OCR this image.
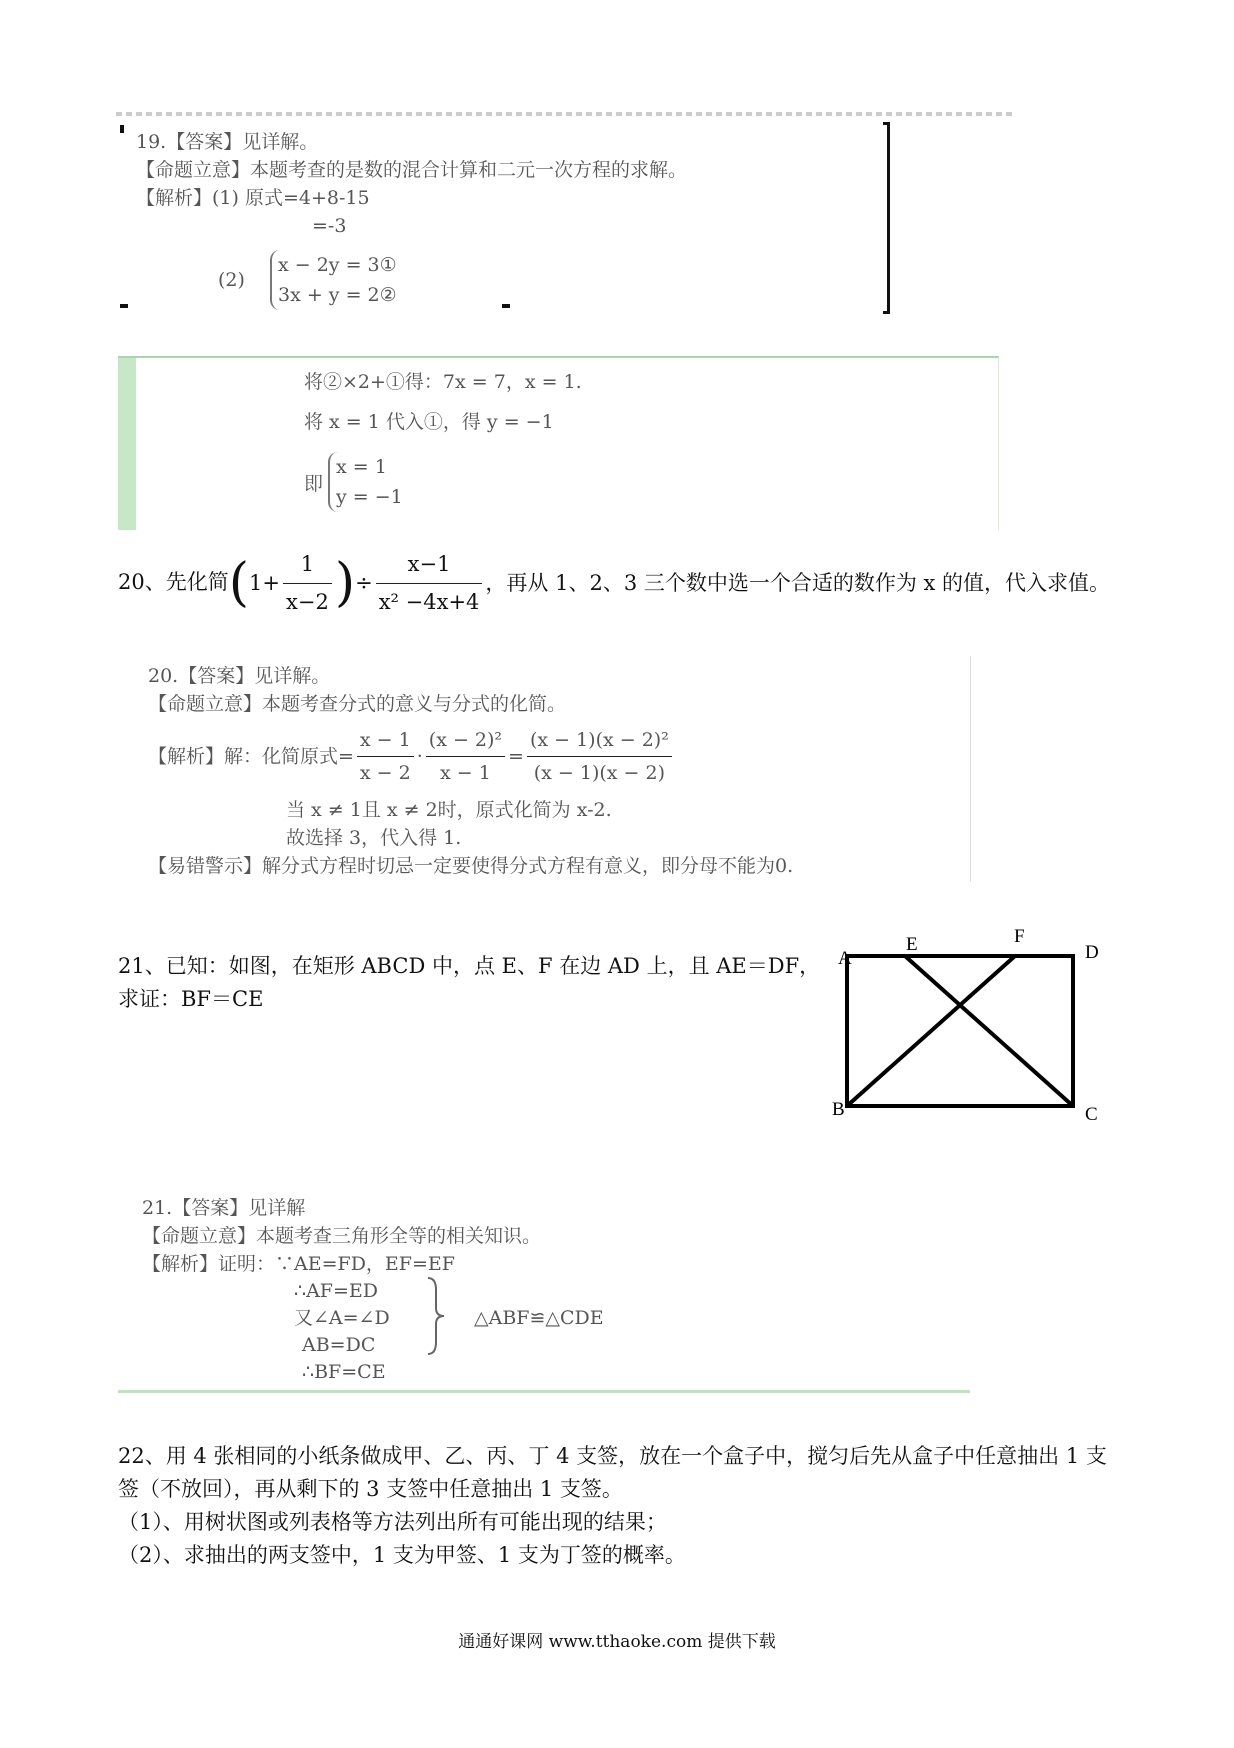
19.【答案】见详解。
【命题立意】本题考查的是数的混合计算和二元一次方程的求解。
【解析】(1) 原式=4+8-15
=-3
(2)
x − 2y = 3①
3x + y = 2②
将②×2+①得：7x = 7，x = 1.
将 x = 1 代入①，得 y = −1
即
x = 1
y = −1
20、先化简($1+ \frac{1}{x-2}$ )÷ $\frac{x-1}{\text{x² −4x+4}}$ ，再从 1、2、3 三个数中选一个合适的数作为 x 的值，代入求值。
20.【答案】见详解。
【命题立意】本题考查分式的意义与分式的化简。
【解析】解：化简原式= $\frac{x - 1}{x - 2} \cdot \frac{\text{(x − 2)²}}{x - 1} = \frac{\text{(x − 1)(x − 2)²}}{(x - 1)(x - 2)}$
当 x ≠ 1且 x ≠ 2时，原式化简为 x-2.
故选择 3，代入得 1.
【易错警示】解分式方程时切忌一定要使得分式方程有意义，即分母不能为0.
21、已知：如图，在矩形 ABCD 中，点 E、F 在边 AD 上，且 AE＝DF，
求证：BF＝CE
A
E	F
D
B	C
21.【答案】见详解
【命题立意】本题考查三角形全等的相关知识。
【解析】证明：∵AE=FD，EF=EF
∴AF=ED
又∠A=∠D
AB=DC
∴BF=CE
△ABF≌△CDE
22、用 4 张相同的小纸条做成甲、乙、丙、丁 4 支签，放在一个盒子中，搅匀后先从盒子中任意抽出 1 支
签（不放回），再从剩下的 3 支签中任意抽出 1 支签。
（1）、用树状图或列表格等方法列出所有可能出现的结果；
（2）、求抽出的两支签中，1 支为甲签、1 支为丁签的概率。
通通好课网 www.tthaoke.com 提供下载
